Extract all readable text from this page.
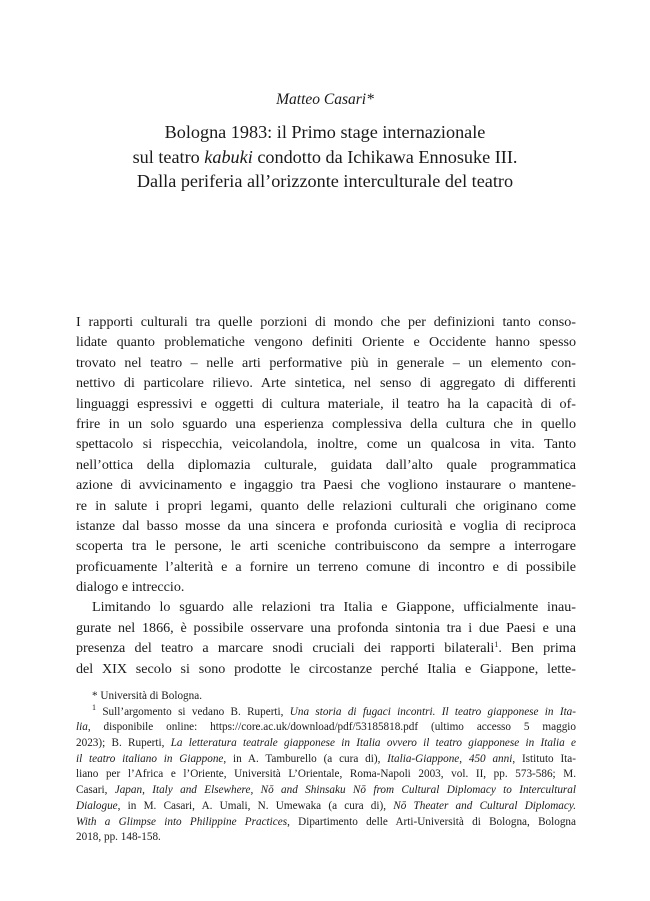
Matteo Casari*
Bologna 1983: il Primo stage internazionale
sul teatro kabuki condotto da Ichikawa Ennosuke III.
Dalla periferia all’orizzonte interculturale del teatro
I rapporti culturali tra quelle porzioni di mondo che per definizioni tanto conso-
lidate quanto problematiche vengono definiti Oriente e Occidente hanno spesso
trovato nel teatro – nelle arti performative più in generale – un elemento con-
nettivo di particolare rilievo. Arte sintetica, nel senso di aggregato di differenti
linguaggi espressivi e oggetti di cultura materiale, il teatro ha la capacità di of-
frire in un solo sguardo una esperienza complessiva della cultura che in quello
spettacolo si rispecchia, veicolandola, inoltre, come un qualcosa in vita. Tanto
nell’ottica della diplomazia culturale, guidata dall’alto quale programmatica
azione di avvicinamento e ingaggio tra Paesi che vogliono instaurare o mantene-
re in salute i propri legami, quanto delle relazioni culturali che originano come
istanze dal basso mosse da una sincera e profonda curiosità e voglia di reciproca
scoperta tra le persone, le arti sceniche contribuiscono da sempre a interrogare
proficuamente l’alterità e a fornire un terreno comune di incontro e di possibile
dialogo e intreccio.
Limitando lo sguardo alle relazioni tra Italia e Giappone, ufficialmente inau-
gurate nel 1866, è possibile osservare una profonda sintonia tra i due Paesi e una
presenza del teatro a marcare snodi cruciali dei rapporti bilaterali$^1$. Ben prima
del XIX secolo si sono prodotte le circostanze perché Italia e Giappone, lette-
* Università di Bologna.
$^1$ Sull’argomento si vedano B. Ruperti, Una storia di fugaci incontri. Il teatro giapponese in Ita-
lia, disponibile online: https://core.ac.uk/download/pdf/53185818.pdf (ultimo accesso 5 maggio
2023); B. Ruperti, La letteratura teatrale giapponese in Italia ovvero il teatro giapponese in Italia e
il teatro italiano in Giappone, in A. Tamburello (a cura di), Italia-Giappone, 450 anni, Istituto Ita-
liano per l’Africa e l’Oriente, Università L’Orientale, Roma-Napoli 2003, vol. II, pp. 573-586; M.
Casari, Japan, Italy and Elsewhere, Nō and Shinsaku Nō from Cultural Diplomacy to Intercultural
Dialogue, in M. Casari, A. Umali, N. Umewaka (a cura di), Nō Theater and Cultural Diplomacy.
With a Glimpse into Philippine Practices, Dipartimento delle Arti-Università di Bologna, Bologna
2018, pp. 148-158.
